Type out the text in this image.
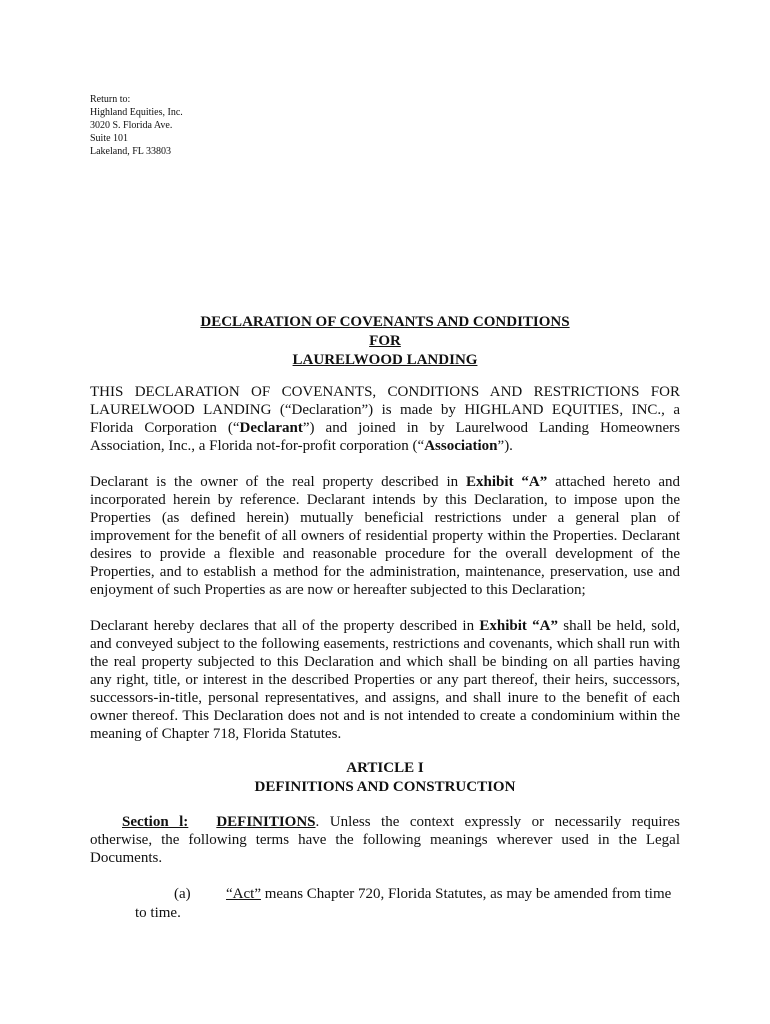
Return to:
Highland Equities, Inc.
3020 S. Florida Ave.
Suite 101
Lakeland, FL 33803
DECLARATION OF COVENANTS AND CONDITIONS
FOR
LAURELWOOD LANDING

THIS DECLARATION OF COVENANTS, CONDITIONS AND RESTRICTIONS FOR LAURELWOOD LANDING (“Declaration”) is made by HIGHLAND EQUITIES, INC., a Florida Corporation (“Declarant”) and joined in by Laurelwood Landing Homeowners Association, Inc., a Florida not-for-profit corporation (“Association”).

Declarant is the owner of the real property described in Exhibit “A” attached hereto and incorporated herein by reference. Declarant intends by this Declaration, to impose upon the Properties (as defined herein) mutually beneficial restrictions under a general plan of improvement for the benefit of all owners of residential property within the Properties. Declarant desires to provide a flexible and reasonable procedure for the overall development of the Properties, and to establish a method for the administration, maintenance, preservation, use and enjoyment of such Properties as are now or hereafter subjected to this Declaration;

Declarant hereby declares that all of the property described in Exhibit “A” shall be held, sold, and conveyed subject to the following easements, restrictions and covenants, which shall run with the real property subjected to this Declaration and which shall be binding on all parties having any right, title, or interest in the described Properties or any part thereof, their heirs, successors, successors-in-title, personal representatives, and assigns, and shall inure to the benefit of each owner thereof. This Declaration does not and is not intended to create a condominium within the meaning of Chapter 718, Florida Statutes.

ARTICLE I
DEFINITIONS AND CONSTRUCTION
Section l: DEFINITIONS. Unless the context expressly or necessarily requires otherwise, the following terms have the following meanings wherever used in the Legal Documents.
(a) “Act” means Chapter 720, Florida Statutes, as may be amended from time
to time.
